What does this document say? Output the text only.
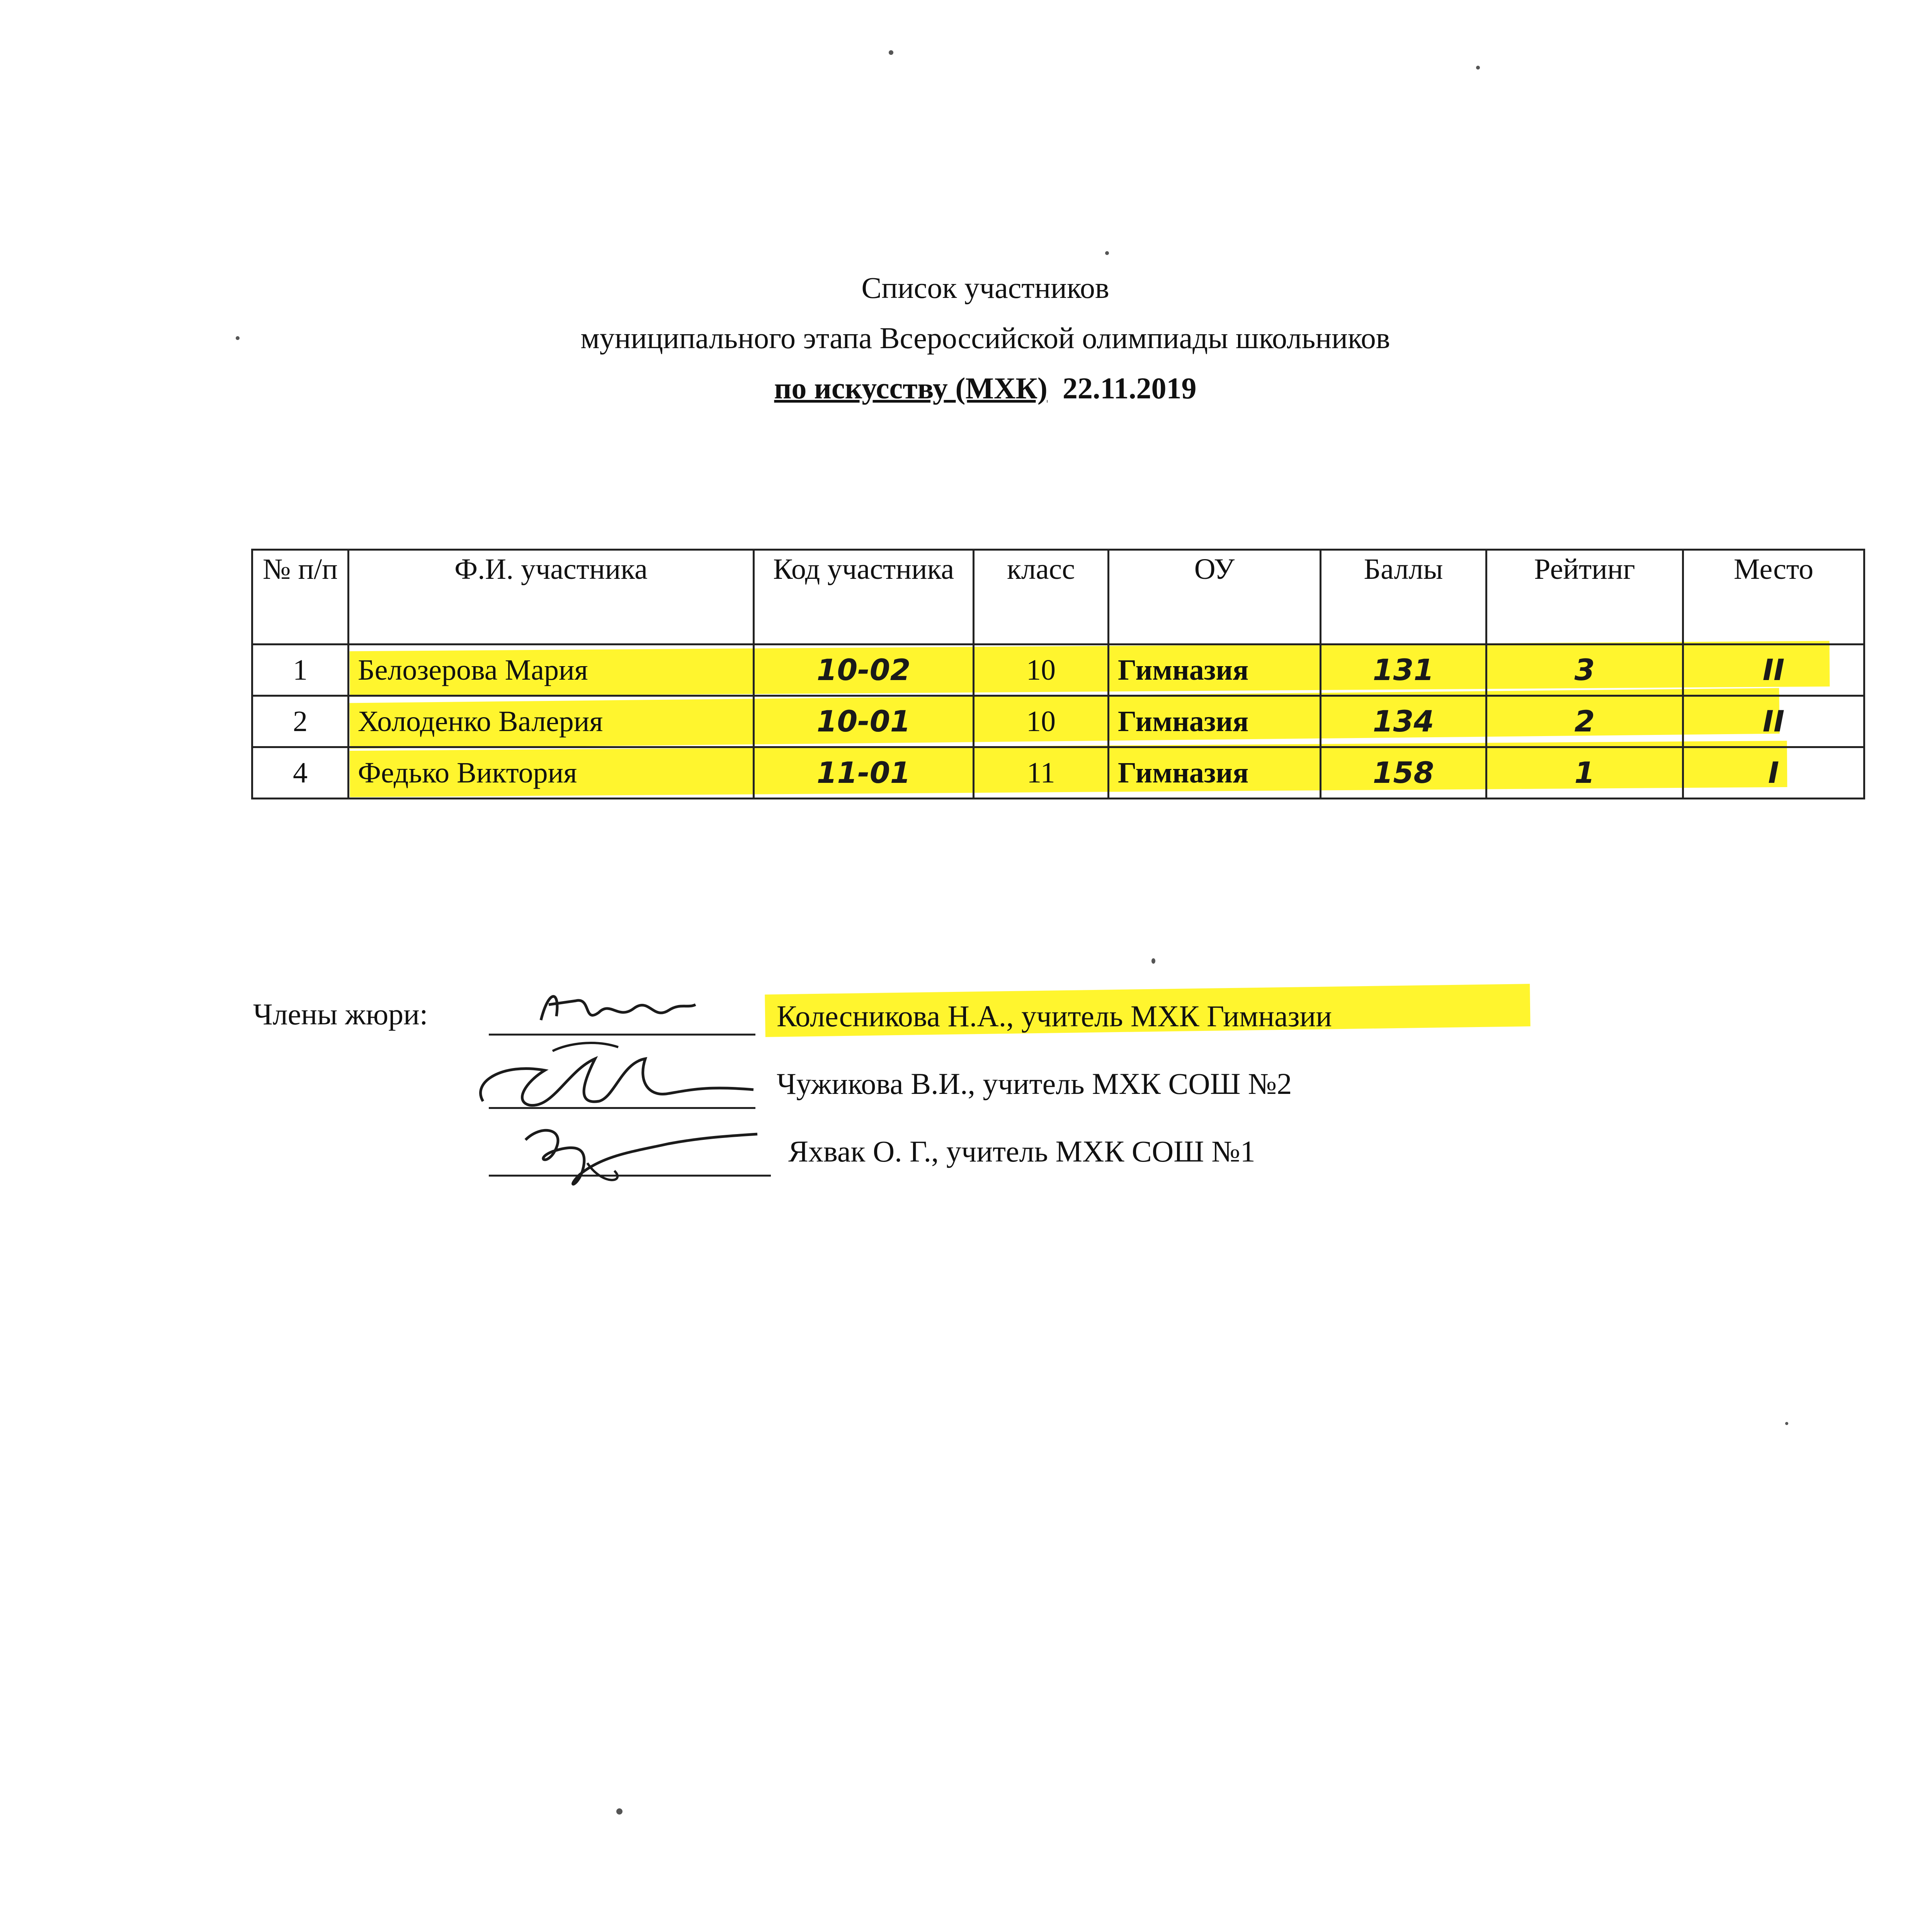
Список участников
муниципального этапа Всероссийской олимпиады школьников
по искусству (МХК) 22.11.2019
№ п/п	Ф.И. участника	Код участника	класс	ОУ	Баллы	Рейтинг	Место
1	Белозерова Мария	10-02	10	Гимназия	131	3	II
2	Холоденко Валерия	10-01	10	Гимназия	134	2	II
4	Федько Виктория	11-01	11	Гимназия	158	1	I
Члены жюри:	Колесникова Н.А., учитель МХК Гимназии
Чужикова В.И., учитель МХК СОШ №2
Яхвак О. Г., учитель МХК СОШ №1
